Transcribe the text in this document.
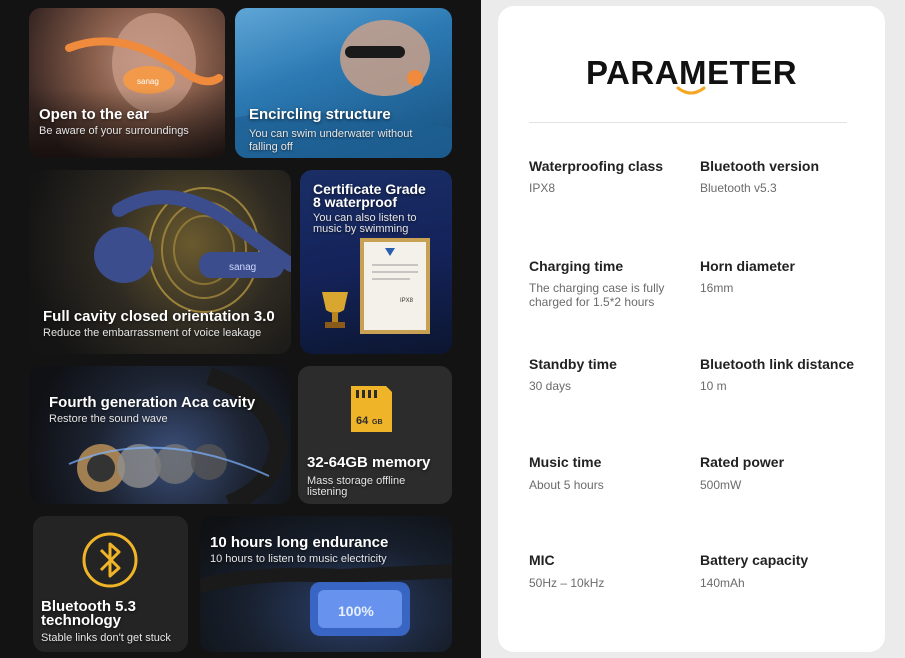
sanag
Open to the ear
Be aware of your surroundings
Encircling structure
You can swim underwater without
falling off
sanag
Full cavity closed orientation 3.0
Reduce the embarrassment of voice leakage
Certificate Grade
8 waterproof
You can also listen to
music by swimming
IPX8
Fourth generation Aca cavity
Restore the sound wave	64 GB
32-64GB memory
Mass storage offline
listening
Bluetooth 5.3
technology
Stable links don't get stuck
100%
10 hours long endurance
10 hours to listen to music electricity
PARAMETER
Waterproofing class
IPX8
Bluetooth version
Bluetooth v5.3
Charging time
The charging case is fully
charged for 1.5*2 hours
Horn diameter
16mm
Standby time
30 days
Bluetooth link distance
10 m
Music time
About 5 hours
Rated power
500mW
MIC
50Hz – 10kHz
Battery capacity
140mAh
